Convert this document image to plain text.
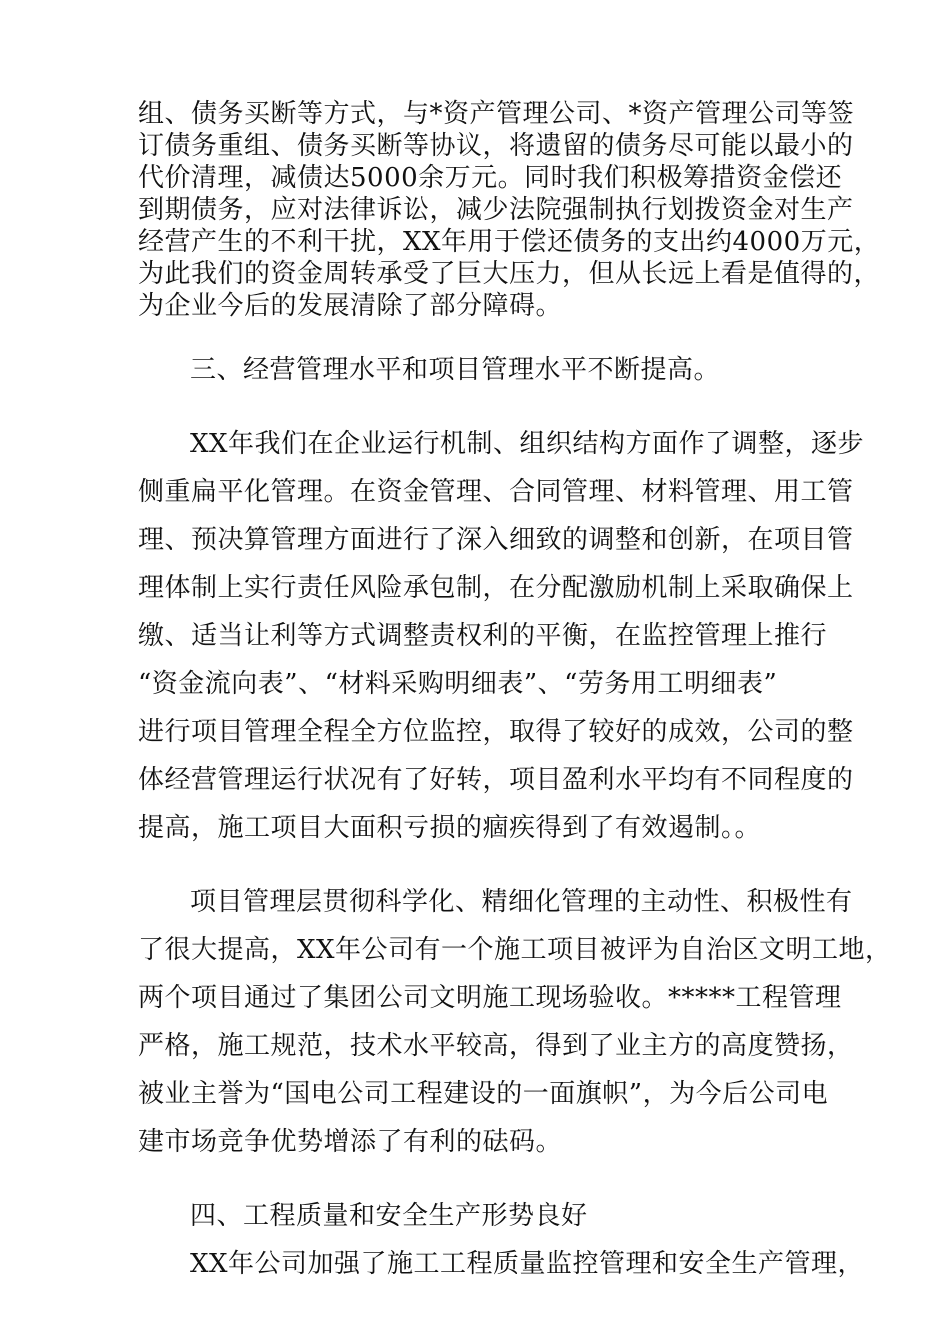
组、债务买断等方式，与*资产管理公司、*资产管理公司等签
订债务重组、债务买断等协议，将遗留的债务尽可能以最小的
代价清理，减债达5000余万元。同时我们积极筹措资金偿还
到期债务，应对法律诉讼，减少法院强制执行划拨资金对生产
经营产生的不利干扰，XX年用于偿还债务的支出约4000万元，
为此我们的资金周转承受了巨大压力，但从长远上看是值得的，
为企业今后的发展清除了部分障碍。
三、经营管理水平和项目管理水平不断提高。
XX年我们在企业运行机制、组织结构方面作了调整，逐步
侧重扁平化管理。在资金管理、合同管理、材料管理、用工管
理、预决算管理方面进行了深入细致的调整和创新，在项目管
理体制上实行责任风险承包制，在分配激励机制上采取确保上
缴、适当让利等方式调整责权利的平衡，在监控管理上推行
“资金流向表”、“材料采购明细表”、“劳务用工明细表”
进行项目管理全程全方位监控，取得了较好的成效，公司的整
体经营管理运行状况有了好转，项目盈利水平均有不同程度的
提高，施工项目大面积亏损的痼疾得到了有效遏制。。
项目管理层贯彻科学化、精细化管理的主动性、积极性有
了很大提高，XX年公司有一个施工项目被评为自治区文明工地，
两个项目通过了集团公司文明施工现场验收。*****工程管理
严格，施工规范，技术水平较高，得到了业主方的高度赞扬，
被业主誉为“国电公司工程建设的一面旗帜”，为今后公司电
建市场竞争优势增添了有利的砝码。
四、工程质量和安全生产形势良好
XX年公司加强了施工工程质量监控管理和安全生产管理，
